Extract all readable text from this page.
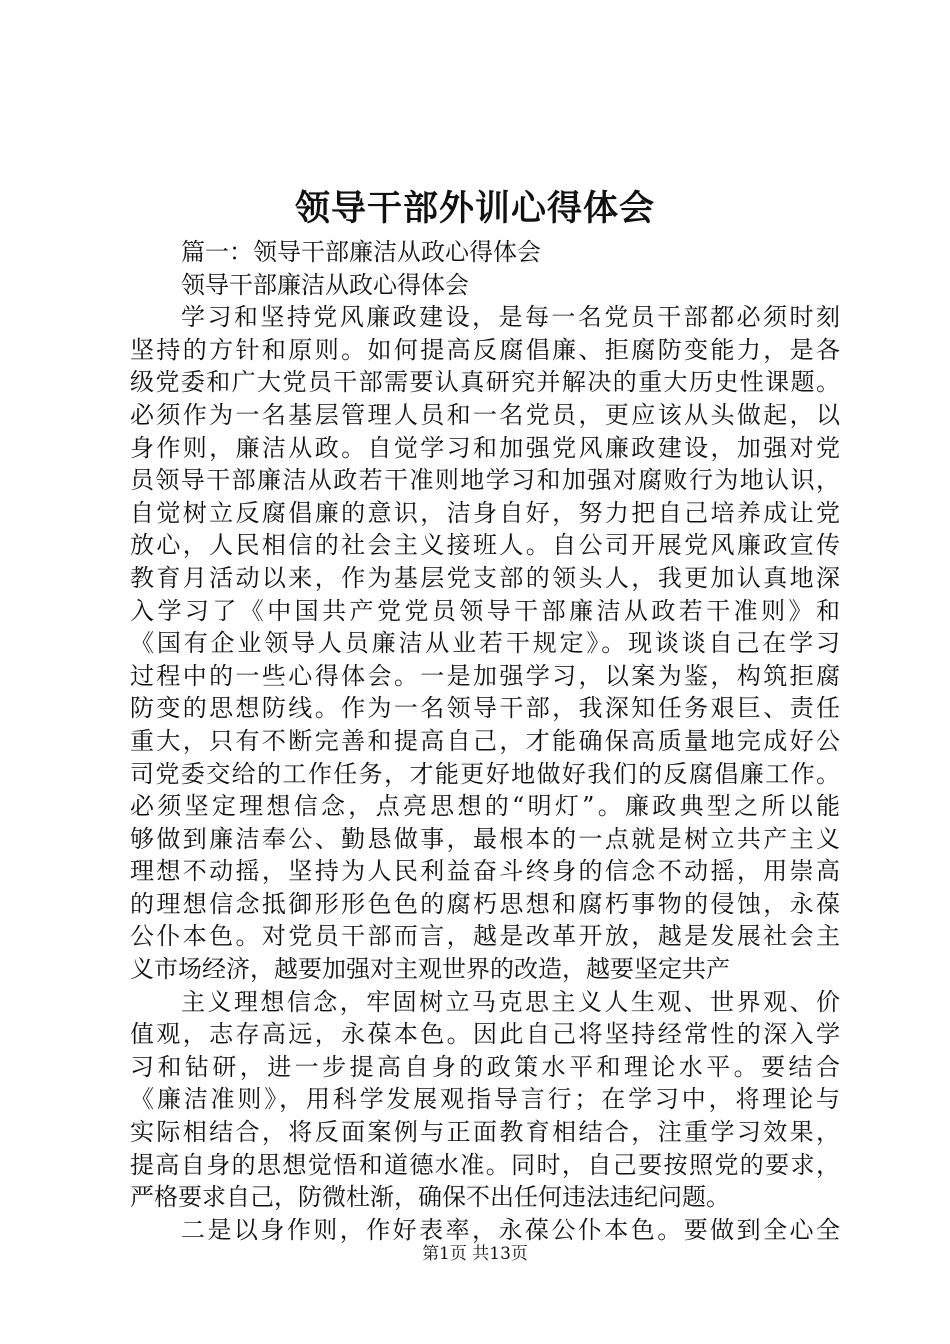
领导干部外训心得体会
篇一：领导干部廉洁从政心得体会
领导干部廉洁从政心得体会
学习和坚持党风廉政建设，是每一名党员干部都必须时刻
坚持的方针和原则。如何提高反腐倡廉、拒腐防变能力，是各
级党委和广大党员干部需要认真研究并解决的重大历史性课题。
必须作为一名基层管理人员和一名党员，更应该从头做起，以
身作则，廉洁从政。自觉学习和加强党风廉政建设，加强对党
员领导干部廉洁从政若干准则地学习和加强对腐败行为地认识，
自觉树立反腐倡廉的意识，洁身自好，努力把自己培养成让党
放心，人民相信的社会主义接班人。自公司开展党风廉政宣传
教育月活动以来，作为基层党支部的领头人，我更加认真地深
入学习了《中国共产党党员领导干部廉洁从政若干准则》和
《国有企业领导人员廉洁从业若干规定》。现谈谈自己在学习
过程中的一些心得体会。一是加强学习，以案为鉴，构筑拒腐
防变的思想防线。作为一名领导干部，我深知任务艰巨、责任
重大，只有不断完善和提高自己，才能确保高质量地完成好公
司党委交给的工作任务，才能更好地做好我们的反腐倡廉工作。
必须坚定理想信念，点亮思想的“明灯”。廉政典型之所以能
够做到廉洁奉公、勤恳做事，最根本的一点就是树立共产主义
理想不动摇，坚持为人民利益奋斗终身的信念不动摇，用崇高
的理想信念抵御形形色色的腐朽思想和腐朽事物的侵蚀，永葆
公仆本色。对党员干部而言，越是改革开放，越是发展社会主
义市场经济，越要加强对主观世界的改造，越要坚定共产
主义理想信念，牢固树立马克思主义人生观、世界观、价
值观，志存高远，永葆本色。因此自己将坚持经常性的深入学
习和钻研，进一步提高自身的政策水平和理论水平。要结合
《廉洁准则》，用科学发展观指导言行；在学习中，将理论与
实际相结合，将反面案例与正面教育相结合，注重学习效果，
提高自身的思想觉悟和道德水准。同时，自己要按照党的要求，
严格要求自己，防微杜渐，确保不出任何违法违纪问题。
二是以身作则，作好表率，永葆公仆本色。要做到全心全
第1页 共13页
